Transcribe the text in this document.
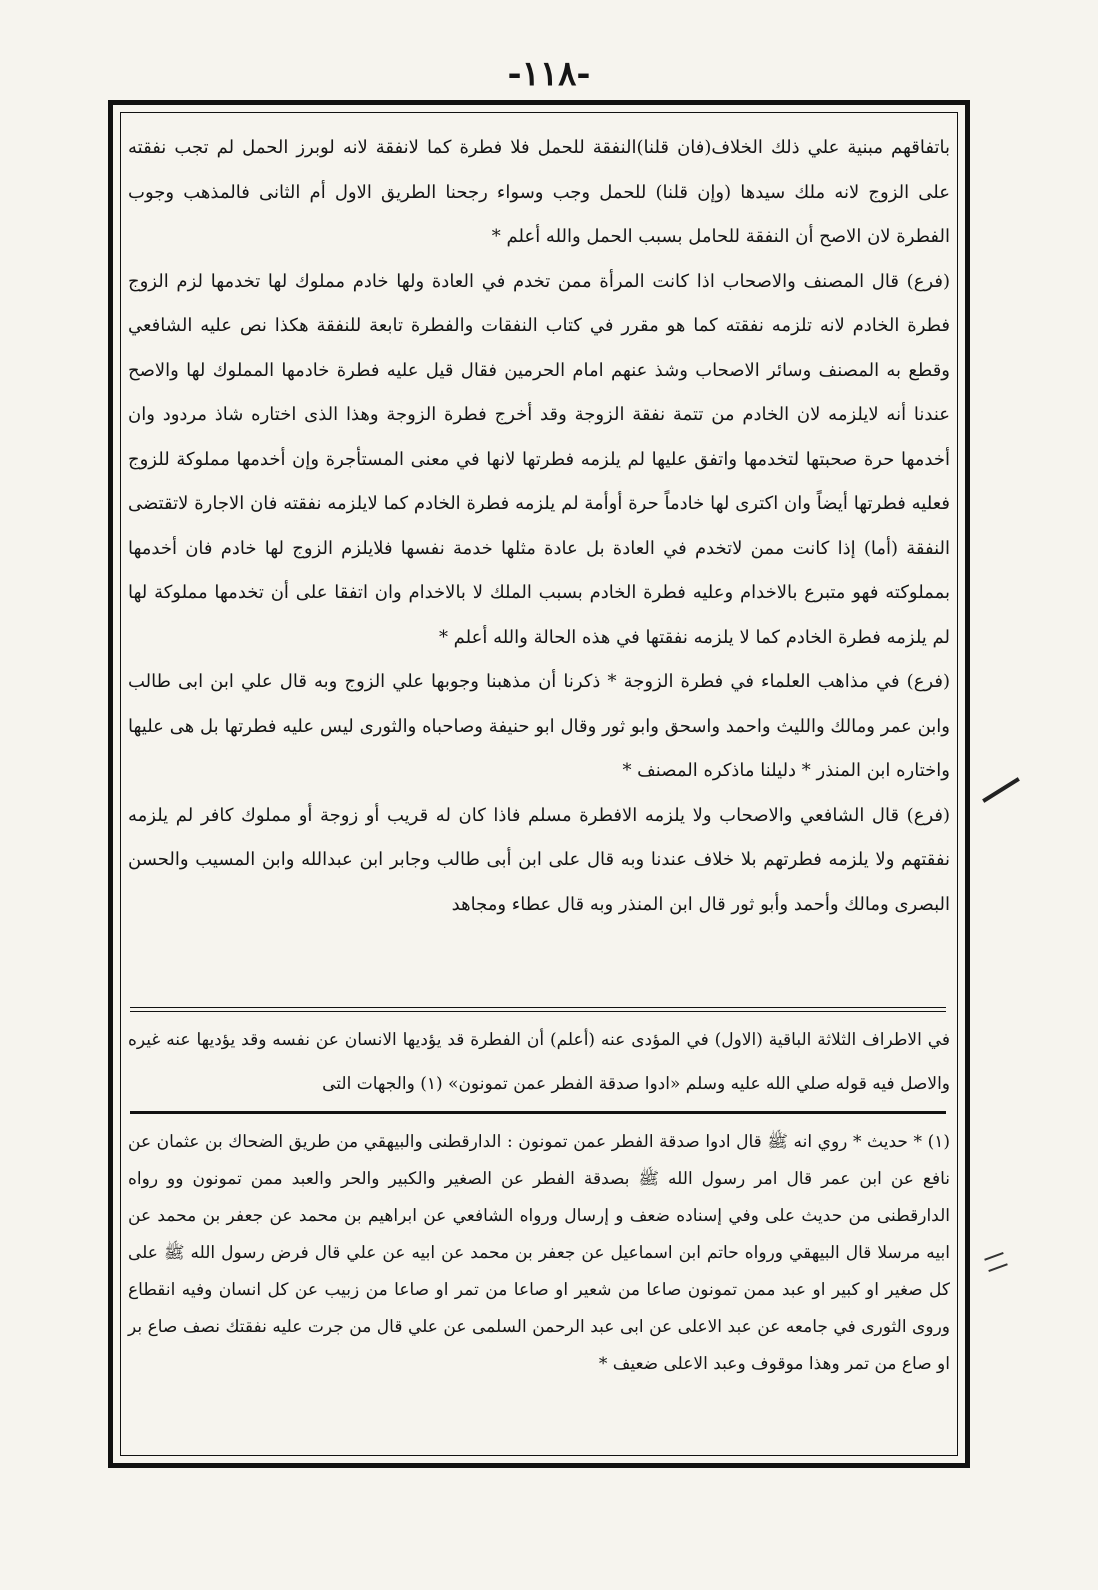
-١١٨-

باتفاقهم مبنية علي ذلك الخلاف(فان قلنا)النفقة للحمل فلا فطرة كما لانفقة لانه لوبرز الحمل لم تجب نفقته على الزوج لانه ملك سيدها (وإن قلنا) للحمل وجب وسواء رجحنا الطريق الاول أم الثانى فالمذهب وجوب الفطرة لان الاصح أن النفقة للحامل بسبب الحمل والله أعلم *

(فرع) قال المصنف والاصحاب اذا كانت المرأة ممن تخدم في العادة ولها خادم مملوك لها تخدمها لزم الزوج فطرة الخادم لانه تلزمه نفقته كما هو مقرر في كتاب النفقات والفطرة تابعة للنفقة هكذا نص عليه الشافعي وقطع به المصنف وسائر الاصحاب وشذ عنهم امام الحرمين فقال قيل عليه فطرة خادمها المملوك لها والاصح عندنا أنه لايلزمه لان الخادم من تتمة نفقة الزوجة وقد أخرج فطرة الزوجة وهذا الذى اختاره شاذ مردود وان أخدمها حرة صحبتها لتخدمها واتفق عليها لم يلزمه فطرتها لانها في معنى المستأجرة وإن أخدمها مملوكة للزوج فعليه فطرتها أيضاً وان اكترى لها خادماً حرة أوأمة لم يلزمه فطرة الخادم كما لايلزمه نفقته فان الاجارة لاتقتضى النفقة (أما) إذا كانت ممن لاتخدم في العادة بل عادة مثلها خدمة نفسها فلايلزم الزوج لها خادم فان أخدمها بمملوكته فهو متبرع بالاخدام وعليه فطرة الخادم بسبب الملك لا بالاخدام وان اتفقا على أن تخدمها مملوكة لها لم يلزمه فطرة الخادم كما لا يلزمه نفقتها في هذه الحالة والله أعلم *

(فرع) في مذاهب العلماء في فطرة الزوجة * ذكرنا أن مذهبنا وجوبها علي الزوج وبه قال علي ابن ابى طالب وابن عمر ومالك والليث واحمد واسحق وابو ثور وقال ابو حنيفة وصاحباه والثورى ليس عليه فطرتها بل هى عليها واختاره ابن المنذر * دليلنا ماذكره المصنف *

(فرع) قال الشافعي والاصحاب ولا يلزمه الافطرة مسلم فاذا كان له قريب أو زوجة أو مملوك كافر لم يلزمه نفقتهم ولا يلزمه فطرتهم بلا خلاف عندنا وبه قال على ابن أبى طالب وجابر ابن عبدالله وابن المسيب والحسن البصرى ومالك وأحمد وأبو ثور قال ابن المنذر وبه قال عطاء ومجاهد

في الاطراف الثلاثة الباقية (الاول) في المؤدى عنه (أعلم) أن الفطرة قد يؤديها الانسان عن نفسه وقد يؤديها عنه غيره والاصل فيه قوله صلي الله عليه وسلم «ادوا صدقة الفطر عمن تمونون» (١) والجهات التى

(١) * حديث * روي انه ﷺ قال ادوا صدقة الفطر عمن تمونون : الدارقطنى والبيهقي من طريق الضحاك بن عثمان عن نافع عن ابن عمر قال امر رسول الله ﷺ بصدقة الفطر عن الصغير والكبير والحر والعبد ممن تمونون وو رواه الدارقطنى من حديث على وفي إسناده ضعف و إرسال ورواه الشافعي عن ابراهيم بن محمد عن جعفر بن محمد عن ابيه مرسلا قال البيهقي ورواه حاتم ابن اسماعيل عن جعفر بن محمد عن ابيه عن علي قال فرض رسول الله ﷺ على كل صغير او كبير او عبد ممن تمونون صاعا من شعير او صاعا من تمر او صاعا من زبيب عن كل انسان وفيه انقطاع وروى الثورى في جامعه عن عبد الاعلى عن ابى عبد الرحمن السلمى عن علي قال من جرت عليه نفقتك نصف صاع بر او صاع من تمر وهذا موقوف وعبد الاعلى ضعيف *
